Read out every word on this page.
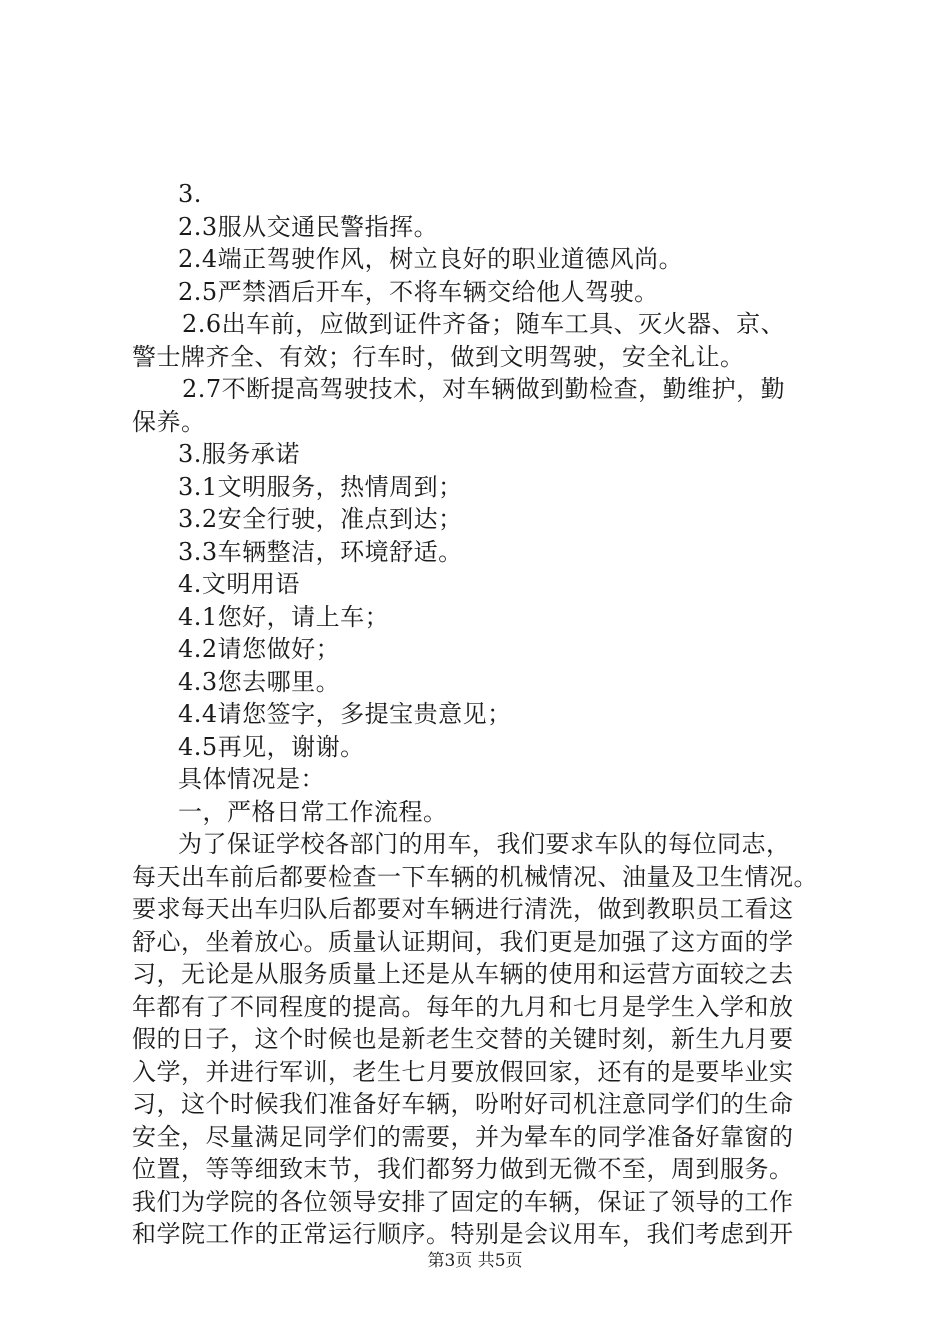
3.
2.3服从交通民警指挥。
2.4端正驾驶作风，树立良好的职业道德风尚。
2.5严禁酒后开车，不将车辆交给他人驾驶。
2.6出车前，应做到证件齐备；随车工具、灭火器、京、
警士牌齐全、有效；行车时，做到文明驾驶，安全礼让。
2.7不断提高驾驶技术，对车辆做到勤检查，勤维护，勤
保养。
3.服务承诺
3.1文明服务，热情周到；
3.2安全行驶，准点到达；
3.3车辆整洁，环境舒适。
4.文明用语
4.1您好，请上车；
4.2请您做好；
4.3您去哪里。
4.4请您签字，多提宝贵意见；
4.5再见，谢谢。
具体情况是：
一，严格日常工作流程。
为了保证学校各部门的用车，我们要求车队的每位同志，
每天出车前后都要检查一下车辆的机械情况、油量及卫生情况。
要求每天出车归队后都要对车辆进行清洗，做到教职员工看这
舒心，坐着放心。质量认证期间，我们更是加强了这方面的学
习，无论是从服务质量上还是从车辆的使用和运营方面较之去
年都有了不同程度的提高。每年的九月和七月是学生入学和放
假的日子，这个时候也是新老生交替的关键时刻，新生九月要
入学，并进行军训，老生七月要放假回家，还有的是要毕业实
习，这个时候我们准备好车辆，吩咐好司机注意同学们的生命
安全，尽量满足同学们的需要，并为晕车的同学准备好靠窗的
位置，等等细致末节，我们都努力做到无微不至，周到服务。
我们为学院的各位领导安排了固定的车辆，保证了领导的工作
和学院工作的正常运行顺序。特别是会议用车，我们考虑到开
第3页 共5页
